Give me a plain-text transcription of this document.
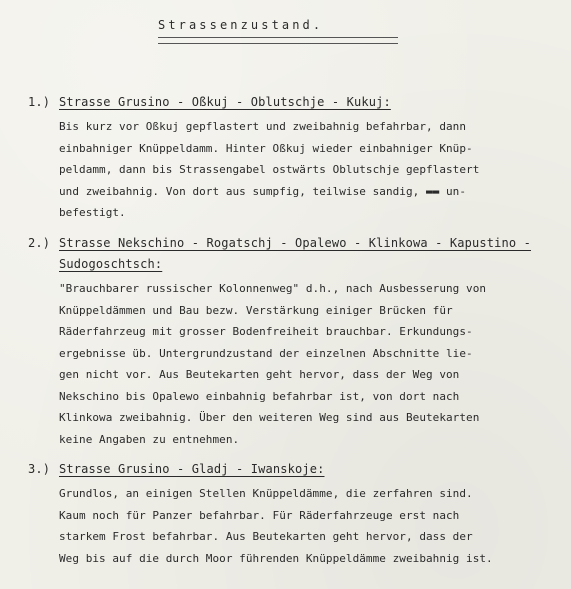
Strassenzustand.
1.) Strasse Grusino - Oßkuj - Oblutschje - Kukuj:
Bis kurz vor Oßkuj gepflastert und zweibahnig befahrbar, dann
einbahniger Knüppeldamm. Hinter Oßkuj wieder einbahniger Knüp-
peldamm, dann bis Strassengabel ostwärts Oblutschje gepflastert
und zweibahnig. Von dort aus sumpfig, teilwise sandig, ▬▬ un-
befestigt.
2.) Strasse Nekschino - Rogatschj - Opalewo - Klinkowa - Kapustino -
Sudogoschtsch:
"Brauchbarer russischer Kolonnenweg" d.h., nach Ausbesserung von
Knüppeldämmen und Bau bezw. Verstärkung einiger Brücken für
Räderfahrzeug mit grosser Bodenfreiheit brauchbar. Erkundungs-
ergebnisse üb. Untergrundzustand der einzelnen Abschnitte lie-
gen nicht vor. Aus Beutekarten geht hervor, dass der Weg von
Nekschino bis Opalewo einbahnig befahrbar ist, von dort nach
Klinkowa zweibahnig. Über den weiteren Weg sind aus Beutekarten
keine Angaben zu entnehmen.
3.) Strasse Grusino - Gladj - Iwanskoje:
Grundlos, an einigen Stellen Knüppeldämme, die zerfahren sind.
Kaum noch für Panzer befahrbar. Für Räderfahrzeuge erst nach
starkem Frost befahrbar. Aus Beutekarten geht hervor, dass der
Weg bis auf die durch Moor führenden Knüppeldämme zweibahnig ist.
